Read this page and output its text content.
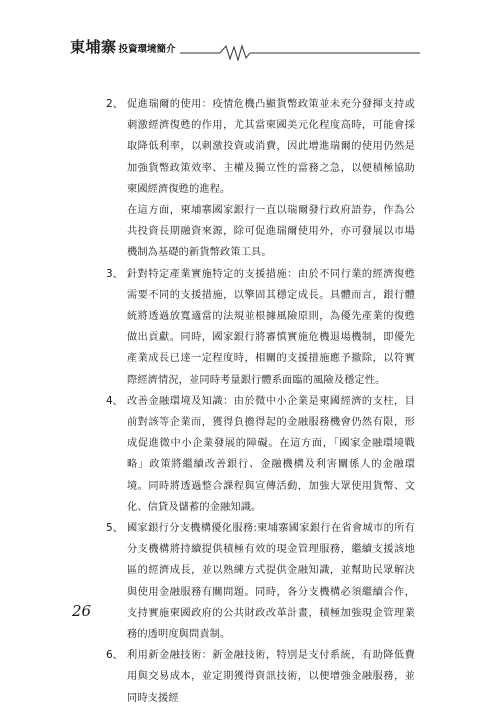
東埔寨 投資環境簡介
2、 促進瑞爾的使用：疫情危機凸顯貨幣政策並未充分發揮支持或刺激經濟復甦的作用，尤其當柬國美元化程度高時，可能會採取降低利率，以刺激投資或消費，因此增進瑞爾的使用仍然是加強貨幣政策效率、主權及獨立性的當務之急，以便積極協助柬國經濟復甦的進程。

在這方面，柬埔寨國家銀行一直以瑞爾發行政府語券，作為公共投資長期融資來源，除可促進瑞爾使用外，亦可發展以市場機制為基礎的新貨幣政策工具。

3、 針對特定產業實施特定的支援措施：由於不同行業的經濟復甦需要不同的支援措施，以擎固其穩定成長。具體而言，銀行體統將透過放寬適當的法規並根據風險原則，為優先產業的復甦做出貢獻。同時，國家銀行將審慎實施危機退場機制，即優先產業成長已達一定程度時，相關的支援措施應予撤除，以符實際經濟情況，並同時考量銀行體系面臨的風險及穩定性。

4、 改善金融環境及知識：由於微中小企業是柬國經濟的支柱，目前對該等企業而，獲得負擔得起的金融服務機會仍然有限，形成促進微中小企業發展的障礙。在這方面，「國家金融環境戰略」政策將繼續改善銀行、金融機構及利害關係人的金融環境。同時將透過整合課程與宣傳活動，加強大眾使用貨幣、文化、信貸及儲蓄的金融知識。

5、 國家銀行分支機構優化服務:柬埔寨國家銀行在省會城市的所有分支機構將持續提供積極有效的現金管理服務，繼續支援該地區的經濟成長，並以熟練方式提供金融知識，並幫助民眾解決與使用金融服務有關問題。同時，各分支機構必須繼續合作，支持實施柬國政府的公共財政改革計畫，積極加強現金管理業務的透明度與問責制。

6、 利用新金融技術：新金融技術，特別是支付系統，有助降低費用與交易成本，並定期獲得資訊技術，以便增強金融服務，並同時支援經

26
